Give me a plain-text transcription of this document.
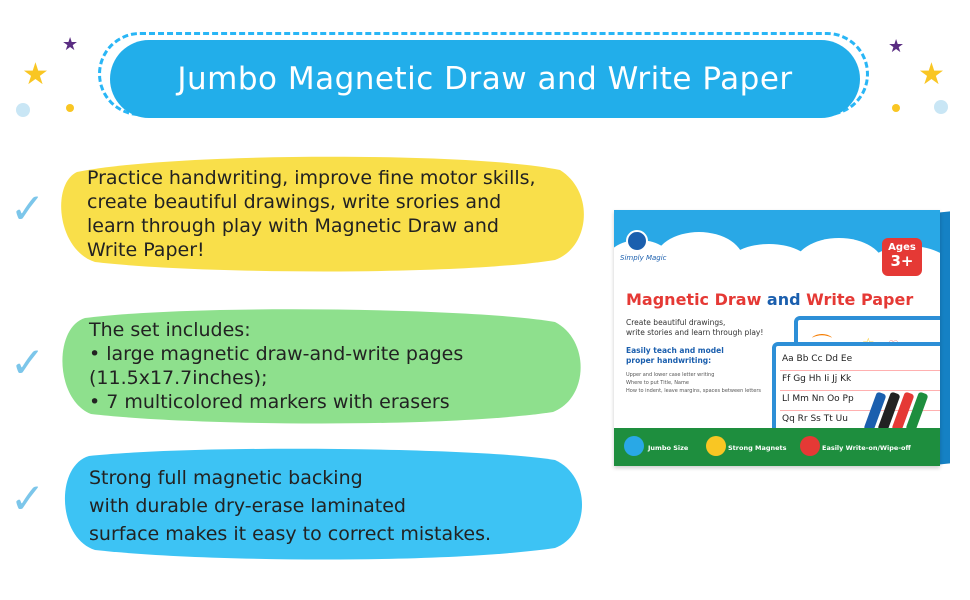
★
★
★
★
Jumbo Magnetic Draw and Write Paper
✓
Practice handwriting, improve fine motor skills,
create beautiful drawings, write srories and
learn through play with Magnetic Draw and
Write Paper!
✓
The set includes:
• large magnetic draw-and-write pages
(11.5x17.7inches);
• 7 multicolored markers with erasers
✓ Strong full magnetic backing
with durable dry-erase laminated
surface makes it easy to correct mistakes.
Simply Magic
Ages
3+
Magnetic Draw and Write Paper
Create beautiful drawings,
write stories and learn through play!
Easily teach and model
proper handwriting:
Upper and lower case letter writing
Where to put Title, Name
How to indent, leave margins, spaces between letters
Aa Bb Cc Dd Ee
Ff Gg Hh Ii Jj Kk
Ll Mm Nn Oo Pp
Qq Rr Ss Tt Uu
Jumbo Size	Strong Magnets	Easily Write-on/Wipe-off
